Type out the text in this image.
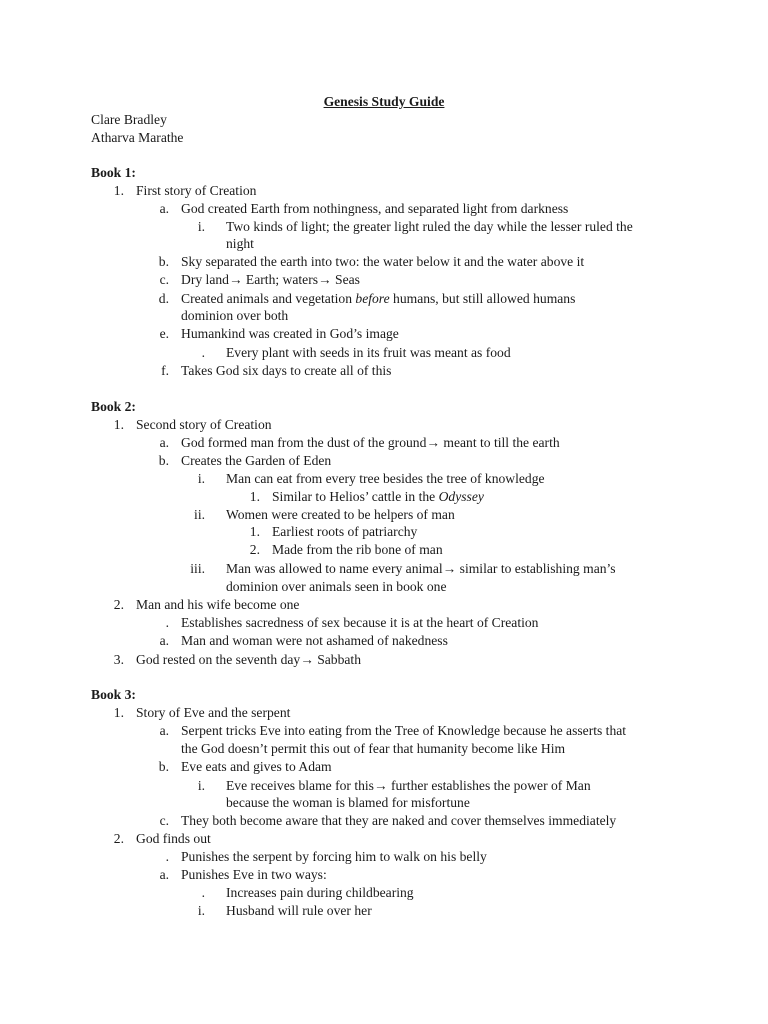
Genesis Study Guide
Clare Bradley
Atharva Marathe
Book 1:
1. First story of Creation
a. God created Earth from nothingness, and separated light from darkness
i. Two kinds of light; the greater light ruled the day while the lesser ruled the
night
b. Sky separated the earth into two: the water below it and the water above it
c. Dry land→ Earth; waters→ Seas
d. Created animals and vegetation before humans, but still allowed humans
dominion over both
e. Humankind was created in God’s image
. Every plant with seeds in its fruit was meant as food
f. Takes God six days to create all of this
Book 2:
1. Second story of Creation
a. God formed man from the dust of the ground→ meant to till the earth
b. Creates the Garden of Eden
i. Man can eat from every tree besides the tree of knowledge
1. Similar to Helios’ cattle in the Odyssey
ii. Women were created to be helpers of man
1. Earliest roots of patriarchy
2. Made from the rib bone of man
iii. Man was allowed to name every animal→ similar to establishing man’s
dominion over animals seen in book one
2. Man and his wife become one
. Establishes sacredness of sex because it is at the heart of Creation
a. Man and woman were not ashamed of nakedness
3. God rested on the seventh day→ Sabbath
Book 3:
1. Story of Eve and the serpent
a. Serpent tricks Eve into eating from the Tree of Knowledge because he asserts that
the God doesn’t permit this out of fear that humanity become like Him
b. Eve eats and gives to Adam
i. Eve receives blame for this→ further establishes the power of Man
because the woman is blamed for misfortune
c. They both become aware that they are naked and cover themselves immediately
2. God finds out
. Punishes the serpent by forcing him to walk on his belly
a. Punishes Eve in two ways:
. Increases pain during childbearing
i. Husband will rule over her
